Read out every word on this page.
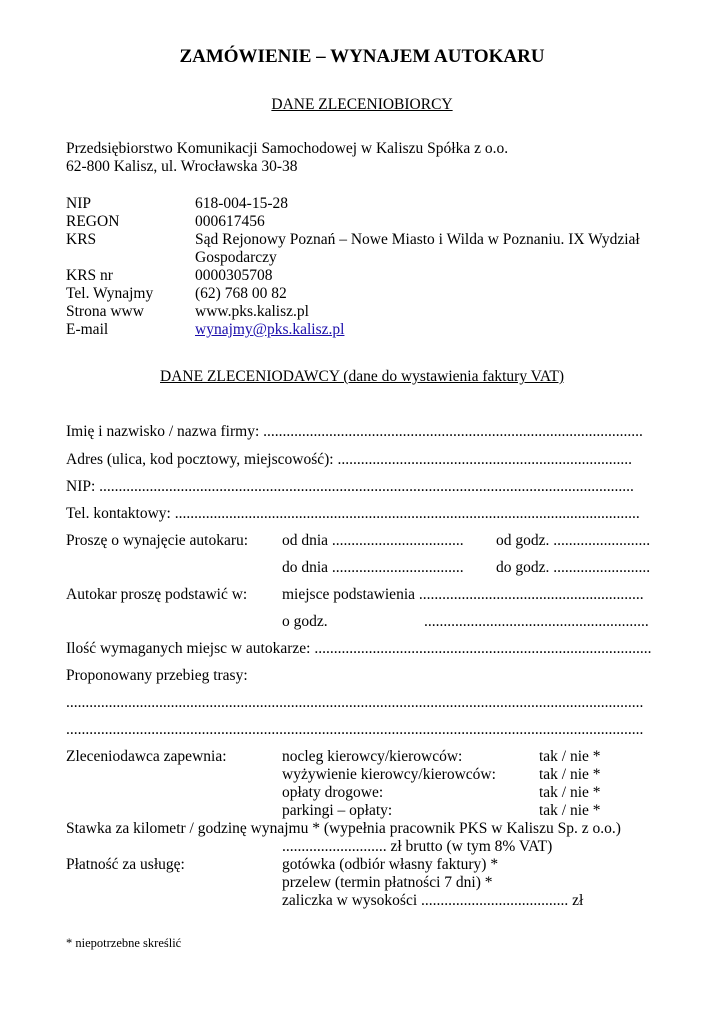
ZAMÓWIENIE – WYNAJEM AUTOKARU
DANE ZLECENIOBIORCY
Przedsiębiorstwo Komunikacji Samochodowej w Kaliszu Spółka z o.o.
62-800 Kalisz, ul. Wrocławska 30-38
NIP	618-004-15-28
REGON	000617456
KRS	Sąd Rejonowy Poznań – Nowe Miasto i Wilda w Poznaniu. IX Wydział
Gospodarczy
KRS nr	0000305708
Tel. Wynajmy	(62) 768 00 82
Strona www	www.pks.kalisz.pl
E-mail	wynajmy@pks.kalisz.pl
DANE ZLECENIODAWCY (dane do wystawienia faktury VAT)
Imię i nazwisko / nazwa firmy: ..................................................................................................
Adres (ulica, kod pocztowy, miejscowość): ............................................................................
NIP: ..........................................................................................................................................
Tel. kontaktowy: ........................................................................................................................
Proszę o wynajęcie autokaru: od dnia .................................. od godz. .........................
do dnia .................................. do godz. .........................
Autokar proszę podstawić w: miejsce podstawienia ..........................................................
o godz.	..........................................................
Ilość wymaganych miejsc w autokarze: .......................................................................................
Proponowany przebieg trasy:
.....................................................................................................................................................
.....................................................................................................................................................
Zleceniodawca zapewnia:	nocleg kierowcy/kierowców:	tak / nie *
wyżywienie kierowcy/kierowców:	tak / nie *
opłaty drogowe:	tak / nie *
parkingi – opłaty:	tak / nie *
Stawka za kilometr / godzinę wynajmu * (wypełnia pracownik PKS w Kaliszu Sp. z o.o.)
........................... zł brutto (w tym 8% VAT)
Płatność za usługę:	gotówka (odbiór własny faktury) *
przelew (termin płatności 7 dni) *
zaliczka w wysokości ...................................... zł
* niepotrzebne skreślić
